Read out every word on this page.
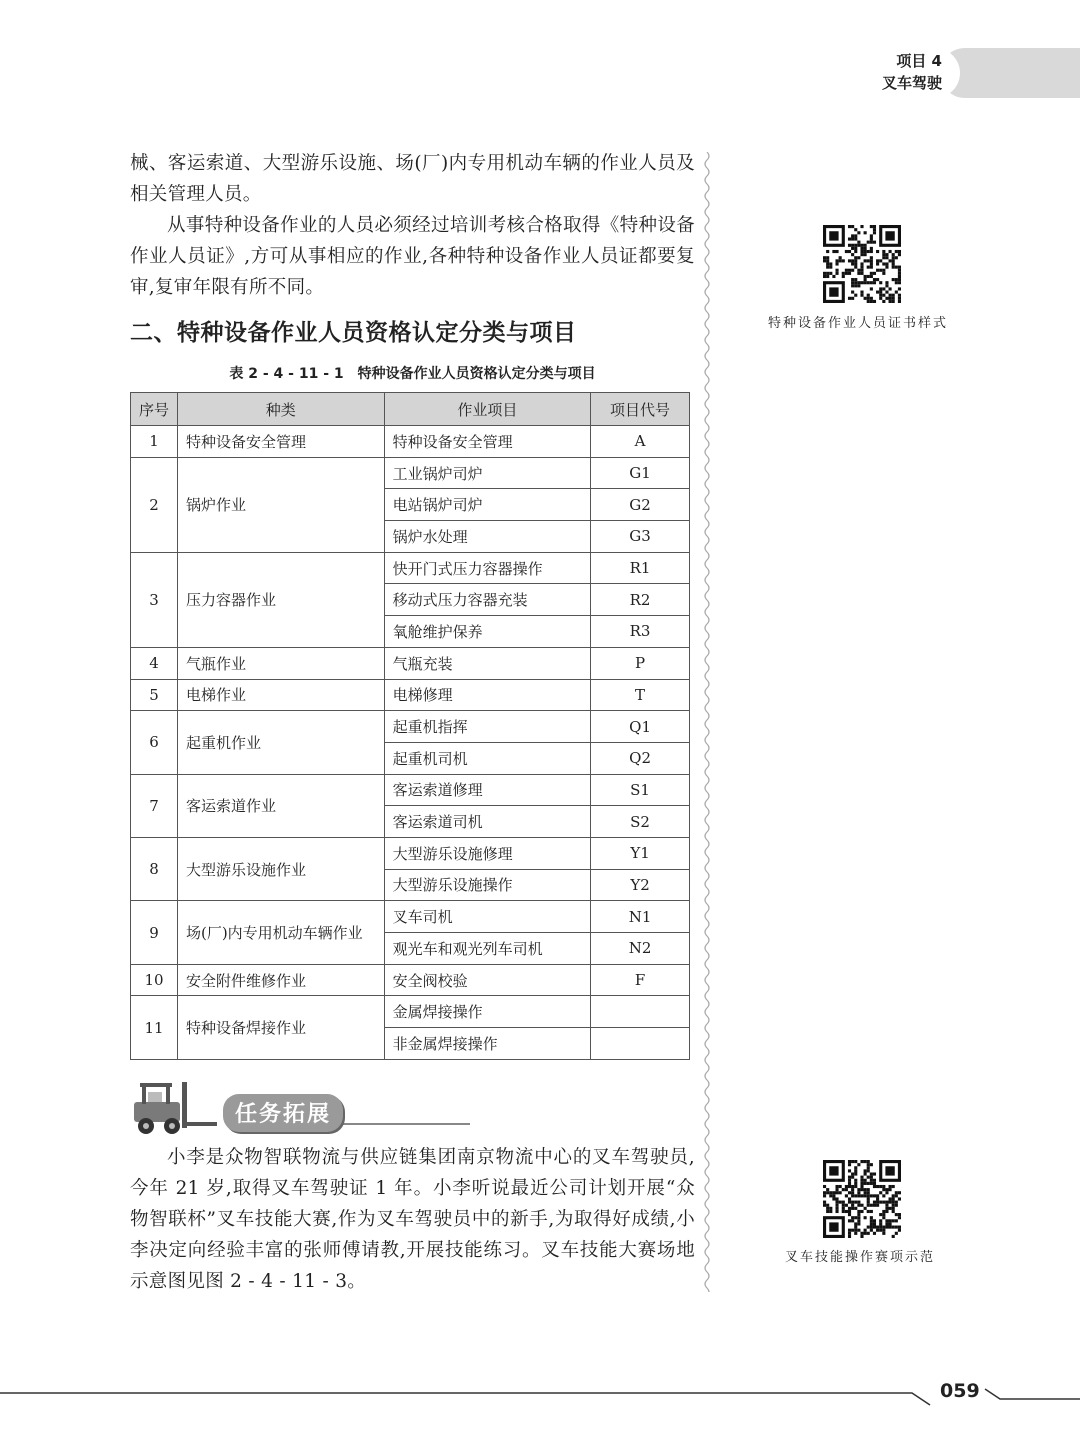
项目 4
叉车驾驶

械、客运索道、大型游乐设施、场(厂)内专用机动车辆的作业人员及相关管理人员。

从事特种设备作业的人员必须经过培训考核合格取得《特种设备作业人员证》,方可从事相应的作业,各种特种设备作业人员证都要复审,复审年限有所不同。

二、特种设备作业人员资格认定分类与项目
表 2 - 4 - 11 - 1　特种设备作业人员资格认定分类与项目
序号	种类	作业项目	项目代号
1	特种设备安全管理	特种设备安全管理	A
2	锅炉作业	工业锅炉司炉	G1
		电站锅炉司炉	G2
		锅炉水处理	G3
3	压力容器作业	快开门式压力容器操作	R1
		移动式压力容器充装	R2
		氧舱维护保养	R3
4	气瓶作业	气瓶充装	P
5	电梯作业	电梯修理	T
6	起重机作业	起重机指挥	Q1
		起重机司机	Q2
7	客运索道作业	客运索道修理	S1
		客运索道司机	S2
8	大型游乐设施作业	大型游乐设施修理	Y1
		大型游乐设施操作	Y2
9	场(厂)内专用机动车辆作业	叉车司机	N1
		观光车和观光列车司机	N2
10	安全附件维修作业	安全阀校验	F
11	特种设备焊接作业	金属焊接操作	
		非金属焊接操作	
任务拓展

小李是众物智联物流与供应链集团南京物流中心的叉车驾驶员,今年 21 岁,取得叉车驾驶证 1 年。小李听说最近公司计划开展“众物智联杯”叉车技能大赛,作为叉车驾驶员中的新手,为取得好成绩,小李决定向经验丰富的张师傅请教,开展技能练习。叉车技能大赛场地示意图见图 2 - 4 - 11 - 3。

特种设备作业人员证书样式
叉车技能操作赛项示范
059
